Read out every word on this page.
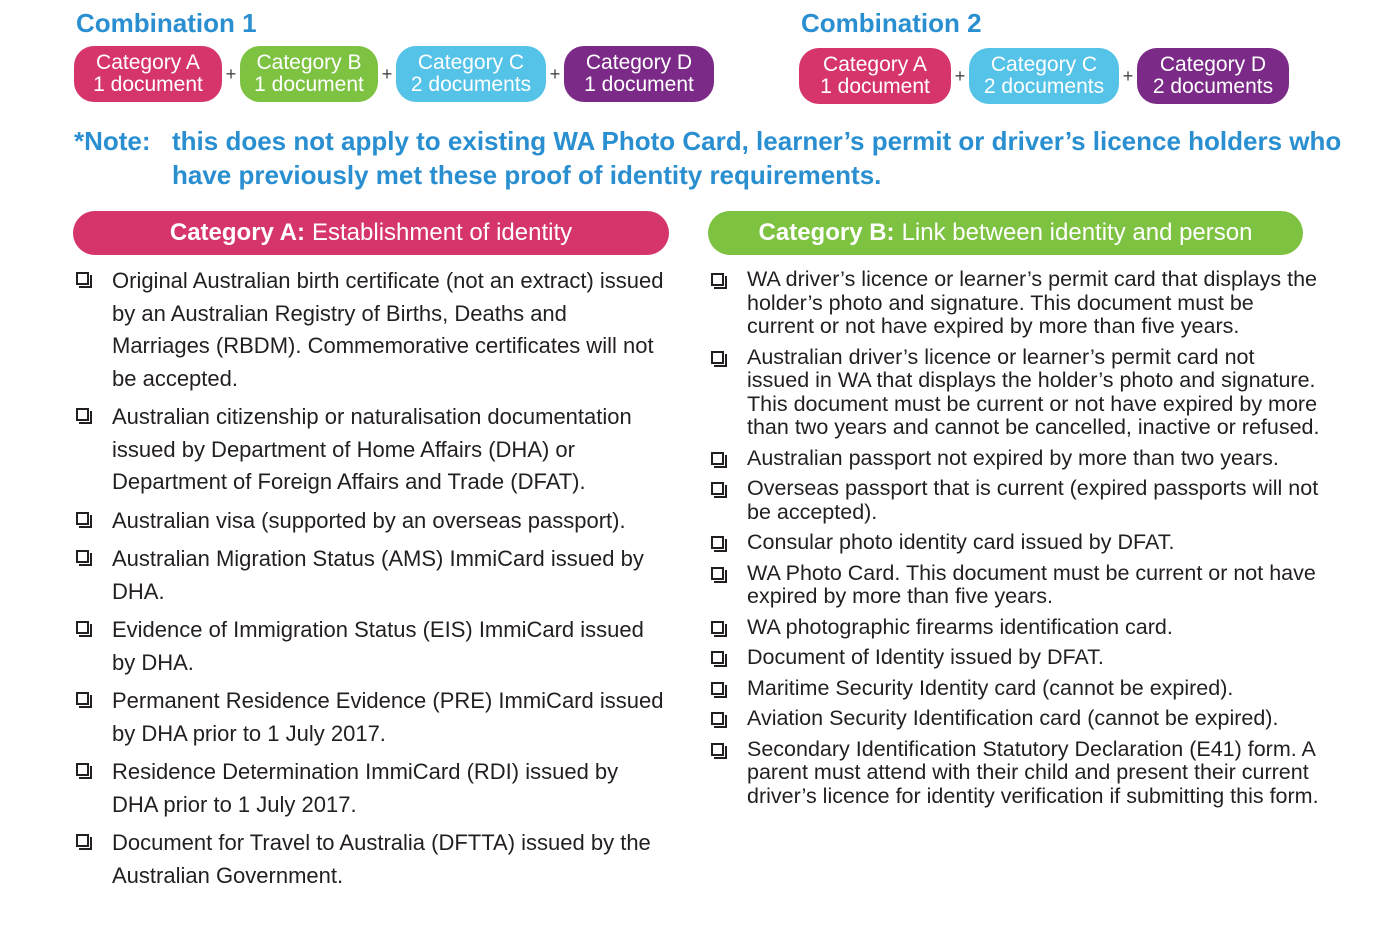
Combination 1
Category A
1 document + Category B
1 document + Category C
2 documents + Category D
1 document
Combination 2
Category A
1 document + Category C
2 documents + Category D
2 documents
*Note: this does not apply to existing WA Photo Card, learner’s permit or driver’s licence holders who have previously met these proof of identity requirements.
Category A: Establishment of identity	Category B: Link between identity and person
Original Australian birth certificate (not an extract) issued by an Australian Registry of Births, Deaths and Marriages (RBDM). Commemorative certificates will not be accepted.
Australian citizenship or naturalisation documentation issued by Department of Home Affairs (DHA) or Department of Foreign Affairs and Trade (DFAT).
Australian visa (supported by an overseas passport).
Australian Migration Status (AMS) ImmiCard issued by DHA.
Evidence of Immigration Status (EIS) ImmiCard issued by DHA.
Permanent Residence Evidence (PRE) ImmiCard issued by DHA prior to 1 July 2017.
Residence Determination ImmiCard (RDI) issued by DHA prior to 1 July 2017.
Document for Travel to Australia (DFTTA) issued by the Australian Government.
WA driver’s licence or learner’s permit card that displays the holder’s photo and signature. This document must be current or not have expired by more than five years.
Australian driver’s licence or learner’s permit card not issued in WA that displays the holder’s photo and signature. This document must be current or not have expired by more than two years and cannot be cancelled, inactive or refused.
Australian passport not expired by more than two years.
Overseas passport that is current (expired passports will not be accepted).
Consular photo identity card issued by DFAT.
WA Photo Card. This document must be current or not have expired by more than five years.
WA photographic firearms identification card.
Document of Identity issued by DFAT.
Maritime Security Identity card (cannot be expired).
Aviation Security Identification card (cannot be expired).
Secondary Identification Statutory Declaration (E41) form. A parent must attend with their child and present their current driver’s licence for identity verification if submitting this form.
